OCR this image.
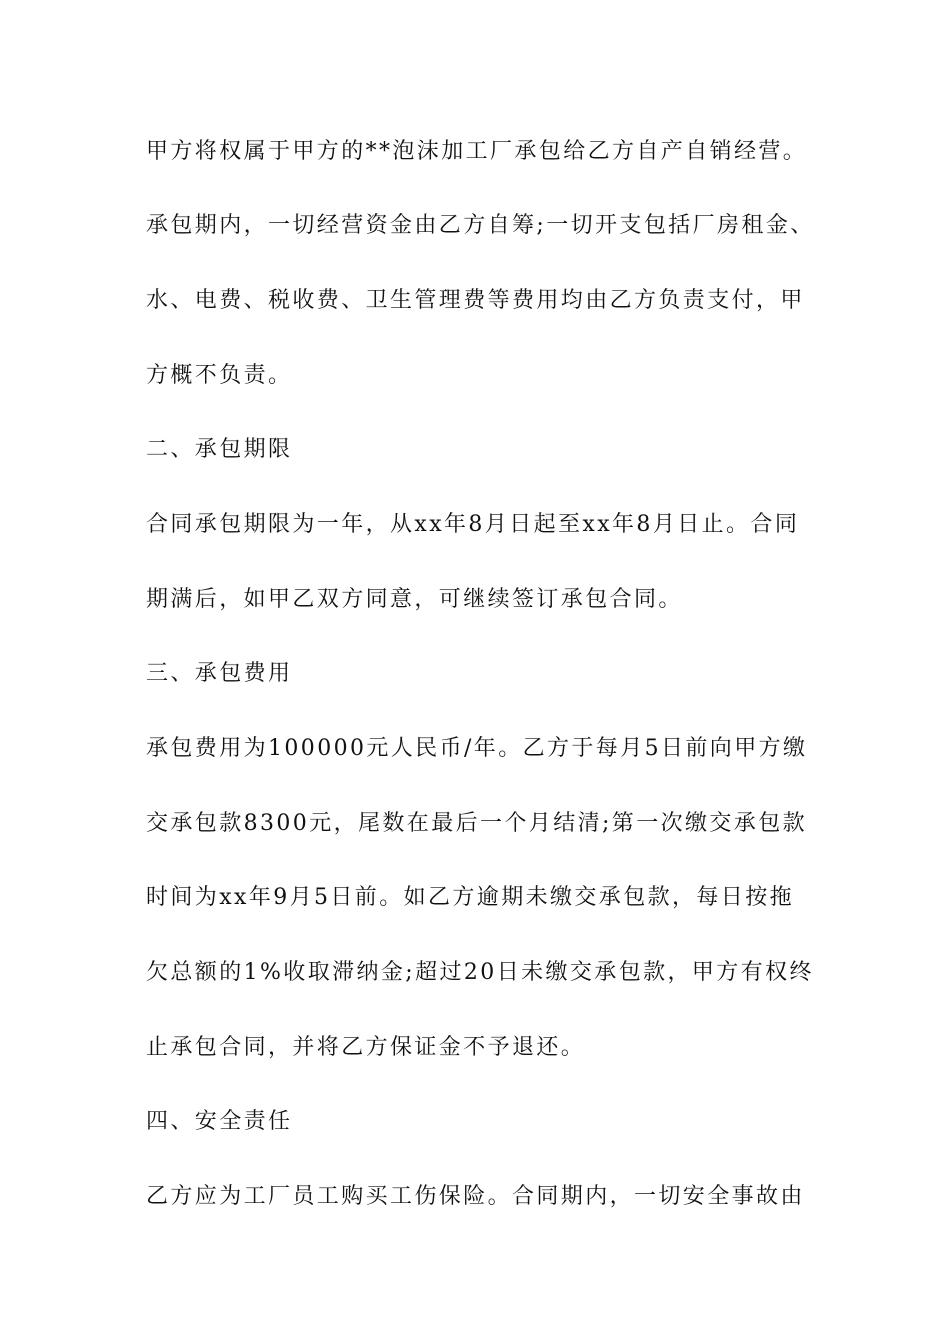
甲方将权属于甲方的**泡沫加工厂承包给乙方自产自销经营。
承包期内，一切经营资金由乙方自筹;一切开支包括厂房租金、
水、电费、税收费、卫生管理费等费用均由乙方负责支付，甲
方概不负责。
二、承包期限
合同承包期限为一年，从xx年8月日起至xx年8月日止。合同
期满后，如甲乙双方同意，可继续签订承包合同。
三、承包费用
承包费用为100000元人民币/年。乙方于每月5日前向甲方缴
交承包款8300元，尾数在最后一个月结清;第一次缴交承包款
时间为xx年9月5日前。如乙方逾期未缴交承包款，每日按拖
欠总额的1%收取滞纳金;超过20日未缴交承包款，甲方有权终
止承包合同，并将乙方保证金不予退还。
四、安全责任
乙方应为工厂员工购买工伤保险。合同期内，一切安全事故由
